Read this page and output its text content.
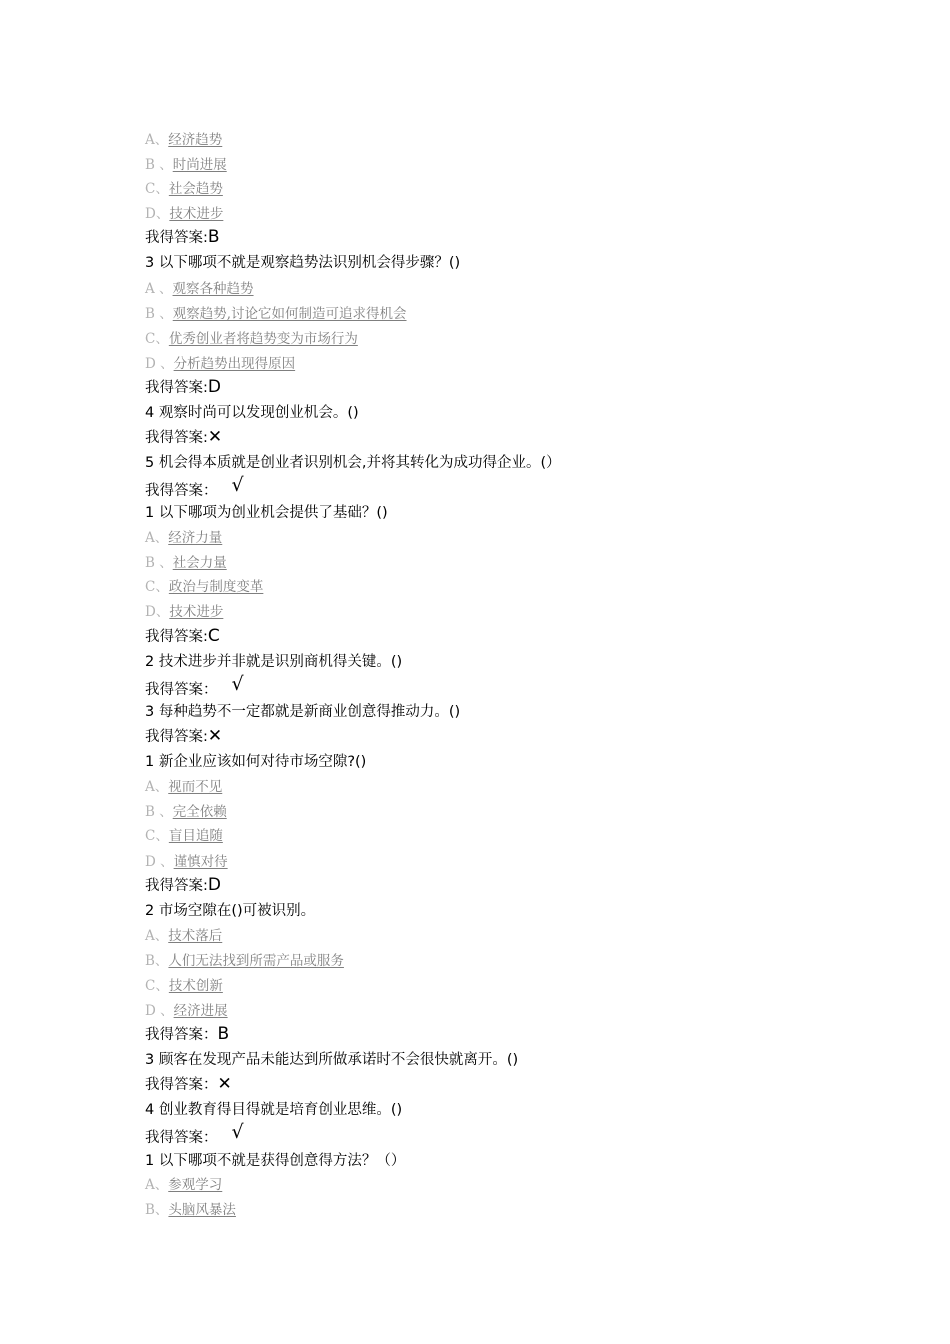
A、经济趋势
B 、时尚进展
C、社会趋势
D、技术进步
我得答案:B
3 以下哪项不就是观察趋势法识别机会得步骤？()
A 、观察各种趋势
B 、观察趋势,讨论它如何制造可追求得机会
C、优秀创业者将趋势变为市场行为
D 、分析趋势出现得原因
我得答案:D
4 观察时尚可以发现创业机会。()
我得答案:✕
5 机会得本质就是创业者识别机会,并将其转化为成功得企业。(）
我得答案： √
1 以下哪项为创业机会提供了基础？()
A、经济力量
B 、社会力量
C、政治与制度变革
D、技术进步
我得答案:C
2 技术进步并非就是识别商机得关键。()
我得答案： √
3 每种趋势不一定都就是新商业创意得推动力。()
我得答案:✕
1 新企业应该如何对待市场空隙?()
A、视而不见
B 、完全依赖
C、盲目追随
D 、谨慎对待
我得答案:D
2 市场空隙在()可被识别。
A、技术落后
B、人们无法找到所需产品或服务
C、技术创新
D 、经济进展
我得答案：B
3 顾客在发现产品未能达到所做承诺时不会很快就离开。()
我得答案：✕
4 创业教育得目得就是培育创业思维。()
我得答案： √
1 以下哪项不就是获得创意得方法？（）
A、参观学习
B、头脑风暴法
